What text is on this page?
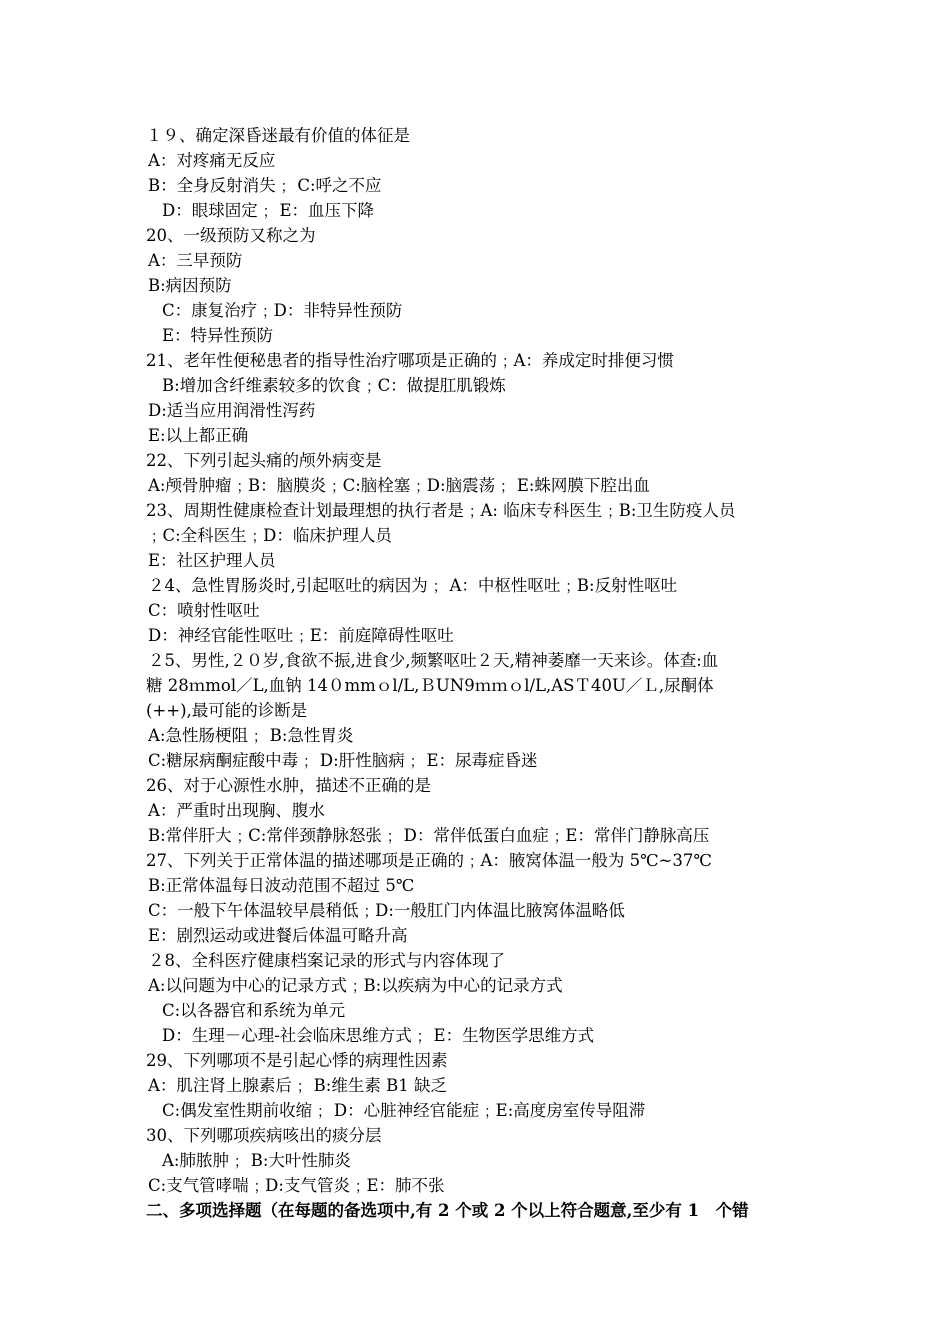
１９、确定深昏迷最有价值的体征是
A：对疼痛无反应
B：全身反射消失﹔ C:呼之不应
D：眼球固定﹔ E：血压下降
20、一级预防又称之为
A：三早预防
B:病因预防
C：康复治疗﹔D：非特异性预防
E：特异性预防
21、老年性便秘患者的指导性治疗哪项是正确的﹔A：养成定时排便习惯
B:增加含纤维素较多的饮食﹔C：做提肛肌锻炼
D:适当应用润滑性泻药
E:以上都正确
22、下列引起头痛的颅外病变是
A:颅骨肿瘤﹔B：脑膜炎﹔C:脑栓塞﹔D:脑震荡﹔ E:蛛网膜下腔出血
23、周期性健康检查计划最理想的执行者是﹔A: 临床专科医生﹔B:卫生防疫人员
﹔C:全科医生﹔D：临床护理人员
E：社区护理人员
２4、急性胃肠炎时,引起呕吐的病因为﹔ A：中枢性呕吐﹔B:反射性呕吐
C：喷射性呕吐
D：神经官能性呕吐﹔E：前庭障碍性呕吐
２5、男性,２０岁,食欲不振,进食少,频繁呕吐２天,精神萎靡一天来诊。体查:血
糖 28ｍmol／L,血钠 14０mmｏl/L,ＢUN9ｍｍｏl/L,ASＴ40U／Ｌ,尿酮体
(++),最可能的诊断是
A:急性肠梗阻﹔ B:急性胃炎
C:糖尿病酮症酸中毒﹔ D:肝性脑病﹔ E：尿毒症昏迷
26、对于心源性水肿，描述不正确的是
A：严重时出现胸、腹水
B:常伴肝大﹔C:常伴颈静脉怒张﹔ D：常伴低蛋白血症﹔E：常伴门静脉高压
27、下列关于正常体温的描述哪项是正确的﹔A：腋窝体温一般为 5℃~37℃
B:正常体温每日波动范围不超过 5℃
C：一般下午体温较早晨稍低﹔D:一般肛门内体温比腋窝体温略低
E：剧烈运动或进餐后体温可略升高
２8、全科医疗健康档案记录的形式与内容体现了
A:以问题为中心的记录方式﹔B:以疾病为中心的记录方式
C:以各器官和系统为单元
D：生理－心理-社会临床思维方式﹔ E：生物医学思维方式
29、下列哪项不是引起心悸的病理性因素
A：肌注肾上腺素后﹔ B:维生素 B1 缺乏
C:偶发室性期前收缩﹔ D：心脏神经官能症﹔E:高度房室传导阻滞
30、下列哪项疾病咳出的痰分层
A:肺脓肿﹔ B:大叶性肺炎
C:支气管哮喘﹔D:支气管炎﹔E：肺不张
二、多项选择题（在每题的备选项中,有 2 个或 2 个以上符合题意,至少有 1　个错
